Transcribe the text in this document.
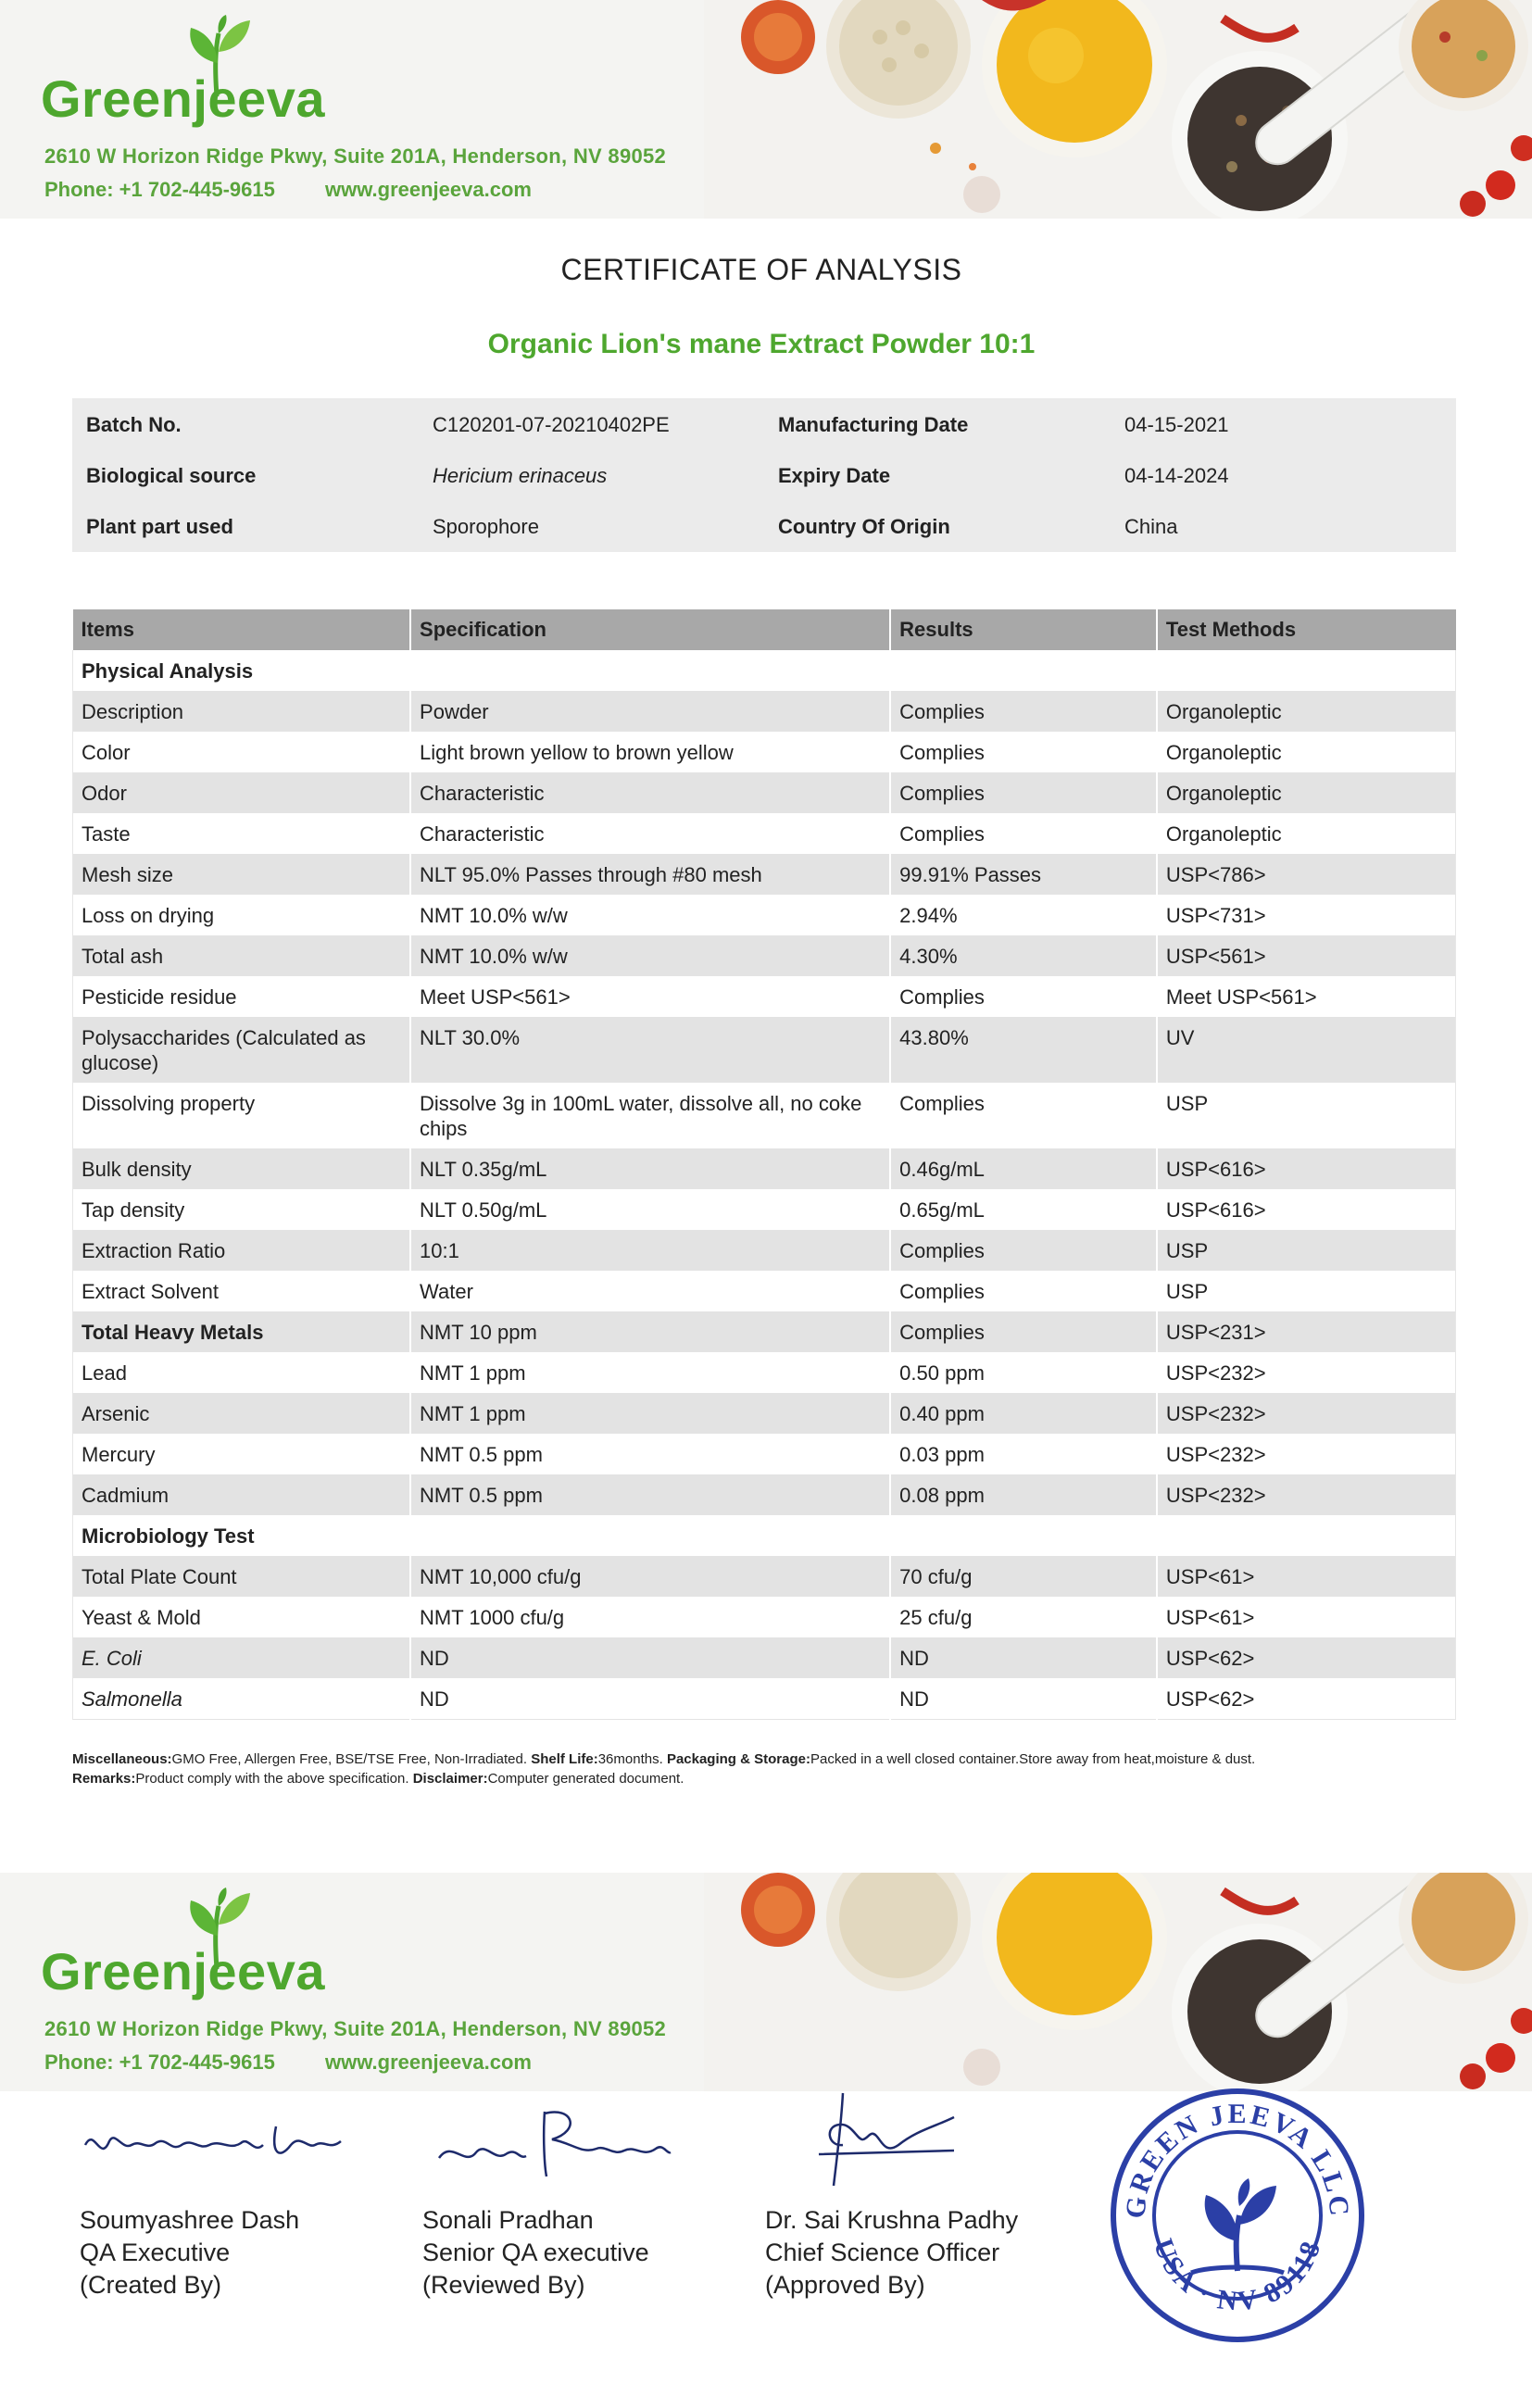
Greenjeeva
2610 W Horizon Ridge Pkwy, Suite 201A, Henderson, NV 89052
Phone: +1 702-445-9615 www.greenjeeva.com
CERTIFICATE OF ANALYSIS
Organic Lion's mane Extract Powder 10:1
Batch No.	C120201-07-20210402PE	Manufacturing Date	04-15-2021
Biological source	Hericium erinaceus	Expiry Date	04-14-2024
Plant part used	Sporophore	Country Of Origin	China
Items	Specification	Results	Test Methods
Physical Analysis			
Description	Powder	Complies	Organoleptic
Color	Light brown yellow to brown yellow	Complies	Organoleptic
Odor	Characteristic	Complies	Organoleptic
Taste	Characteristic	Complies	Organoleptic
Mesh size	NLT 95.0% Passes through #80 mesh	99.91% Passes	USP<786>
Loss on drying	NMT 10.0% w/w	2.94%	USP<731>
Total ash	NMT 10.0% w/w	4.30%	USP<561>
Pesticide residue	Meet USP<561>	Complies	Meet USP<561>
Polysaccharides (Calculated as glucose)	NLT 30.0%	43.80%	UV
Dissolving property	Dissolve 3g in 100mL water, dissolve all, no coke chips	Complies	USP
Bulk density	NLT 0.35g/mL	0.46g/mL	USP<616>
Tap density	NLT 0.50g/mL	0.65g/mL	USP<616>
Extraction Ratio	10:1	Complies	USP
Extract Solvent	Water	Complies	USP
Total Heavy Metals	NMT 10 ppm	Complies	USP<231>
Lead	NMT 1 ppm	0.50 ppm	USP<232>
Arsenic	NMT 1 ppm	0.40 ppm	USP<232>
Mercury	NMT 0.5 ppm	0.03 ppm	USP<232>
Cadmium	NMT 0.5 ppm	0.08 ppm	USP<232>
Microbiology Test			
Total Plate Count	NMT 10,000 cfu/g	70 cfu/g	USP<61>
Yeast & Mold	NMT 1000 cfu/g	25 cfu/g	USP<61>
E. Coli	ND	ND	USP<62>
Salmonella	ND	ND	USP<62>
Miscellaneous:GMO Free, Allergen Free, BSE/TSE Free, Non-Irradiated. Shelf Life:36months. Packaging & Storage:Packed in a well closed container.Store away from heat,moisture & dust.
Remarks:Product comply with the above specification. Disclaimer:Computer generated document.
Greenjeeva
2610 W Horizon Ridge Pkwy, Suite 201A, Henderson, NV 89052
Phone: +1 702-445-9615 www.greenjeeva.com
Soumyashree Dash
QA Executive
(Created By)
Sonali Pradhan
Senior QA executive
(Reviewed By)
Dr. Sai Krushna Padhy
Chief Science Officer
(Approved By)
GREEN JEEVA LLC
USA · NV 89118
